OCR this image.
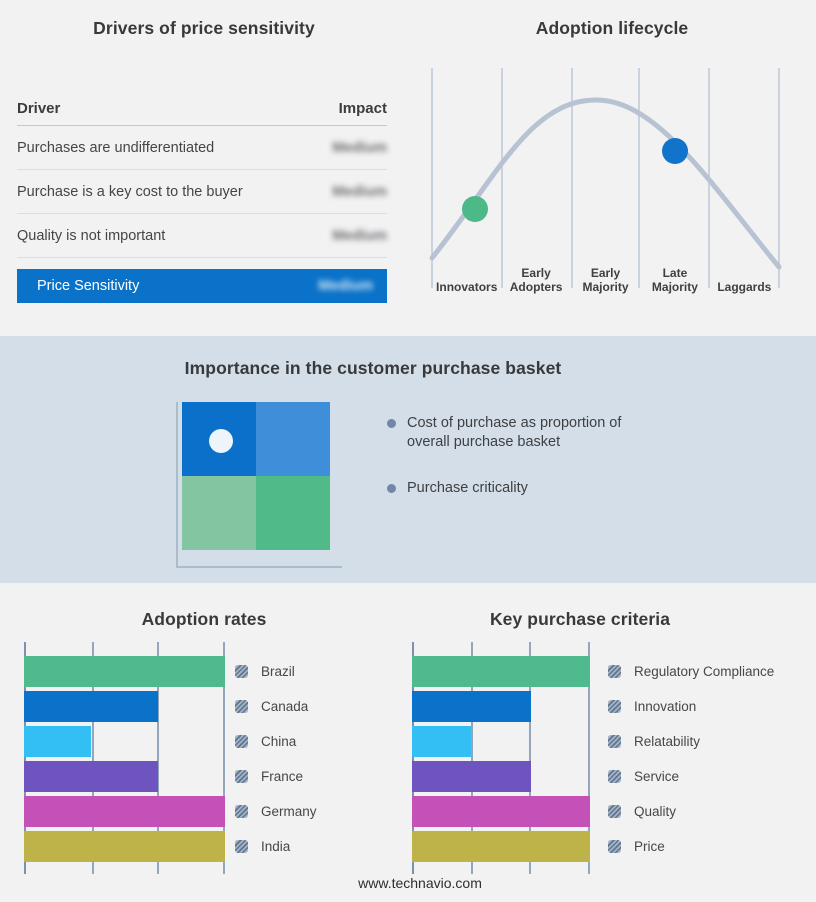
Drivers of price sensitivity
Driver	Impact
Purchases are undifferentiated	Medium
Purchase is a key cost to the buyer	Medium
Quality is not important	Medium
Price Sensitivity	Medium
Adoption lifecycle
Innovators
Early Adopters
Early Majority
Late Majority	Laggards
Importance in the customer purchase basket
Cost of purchase as proportion of overall purchase basket
Purchase criticality
Adoption rates
Brazil
Canada
China
France
Germany
India
Key purchase criteria
Regulatory Compliance
Innovation
Relatability
Service
Quality
Price
www.technavio.com
